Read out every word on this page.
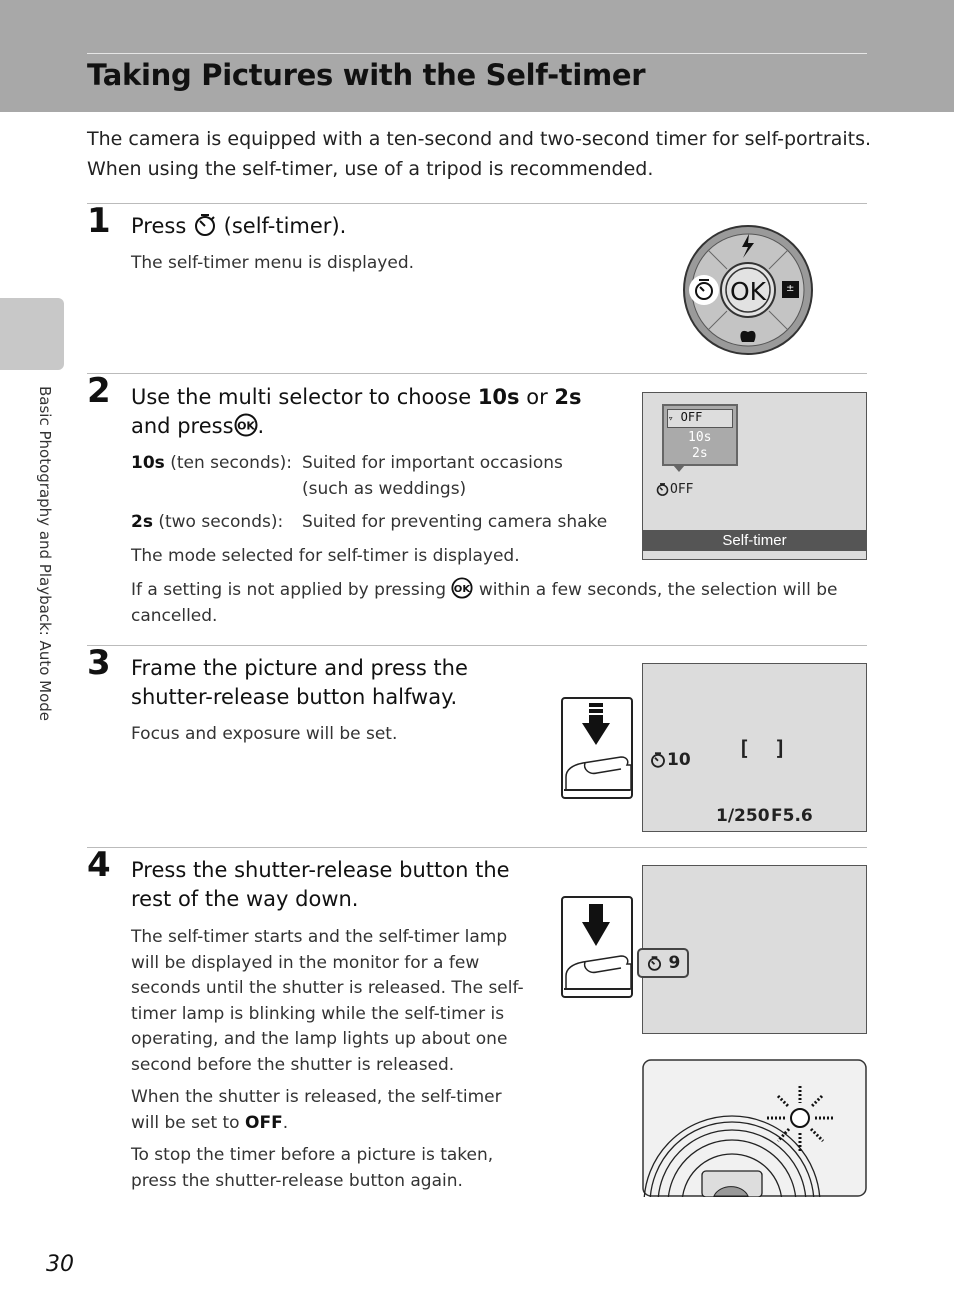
Taking Pictures with the Self-timer
The camera is equipped with a ten-second and two-second timer for self-portraits. When using the self-timer, use of a tripod is recommended.
Basic Photography and Playback: Auto Mode
1 Press (self-timer).
The self-timer menu is displayed.
OK ±
2 Use the multi selector to choose 10s or 2s and press OK .
10s (ten seconds): Suited for important occasions (such as weddings)
2s (two seconds): Suited for preventing camera shake
The mode selected for self-timer is displayed.
If a setting is not applied by pressing OK within a few seconds, the selection will be cancelled.
▿ OFF
10s
2s
OFF
Self-timer
3 Frame the picture and press the shutter-release button halfway.
Focus and exposure will be set.
10 [ ]
1/250 F5.6
4 Press the shutter-release button the rest of the way down.
The self-timer starts and the self-timer lamp will be displayed in the monitor for a few seconds until the shutter is released. The self-timer lamp is blinking while the self-timer is operating, and the lamp lights up about one second before the shutter is released.
When the shutter is released, the self-timer will be set to OFF.
To stop the timer before a picture is taken, press the shutter-release button again.
9
30
